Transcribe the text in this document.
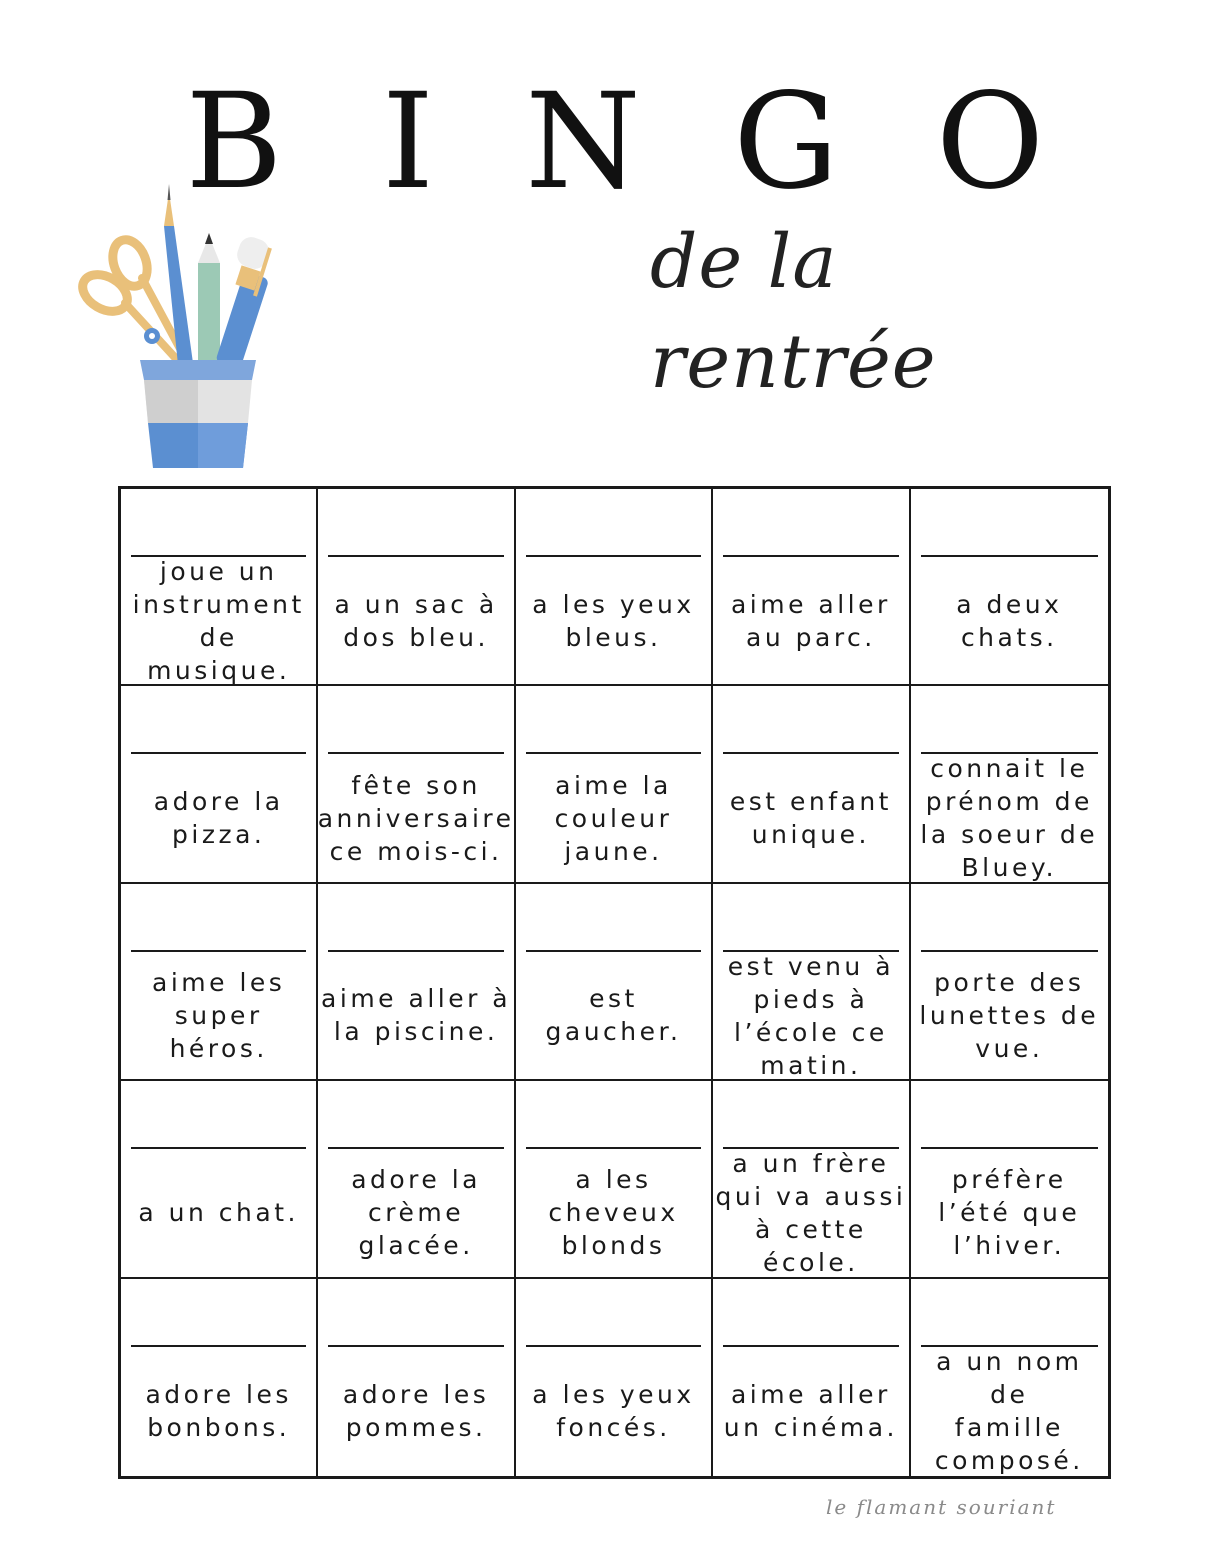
B I N G O
de la rentrée
joue un
instrument
de musique.
a un sac à
dos bleu.
a les yeux
bleus.
aime aller
au parc.
a deux
chats.
adore la
pizza.
fête son
anniversaire
ce mois-ci.
aime la
couleur
jaune.
est enfant
unique.
connait le
prénom de
la soeur de
Bluey.
aime les
super héros.
aime aller à
la piscine.
est
gaucher.
est venu à
pieds à
l’école ce
matin.
porte des
lunettes de
vue.
a un chat.
adore la
crème
glacée.
a les
cheveux
blonds
a un frère
qui va aussi
à cette
école.
préfère
l’été que
l’hiver.
adore les
bonbons.
adore les
pommes.
a les yeux
foncés.
aime aller
un cinéma.
a un nom de
famille
composé.
le flamant souriant
